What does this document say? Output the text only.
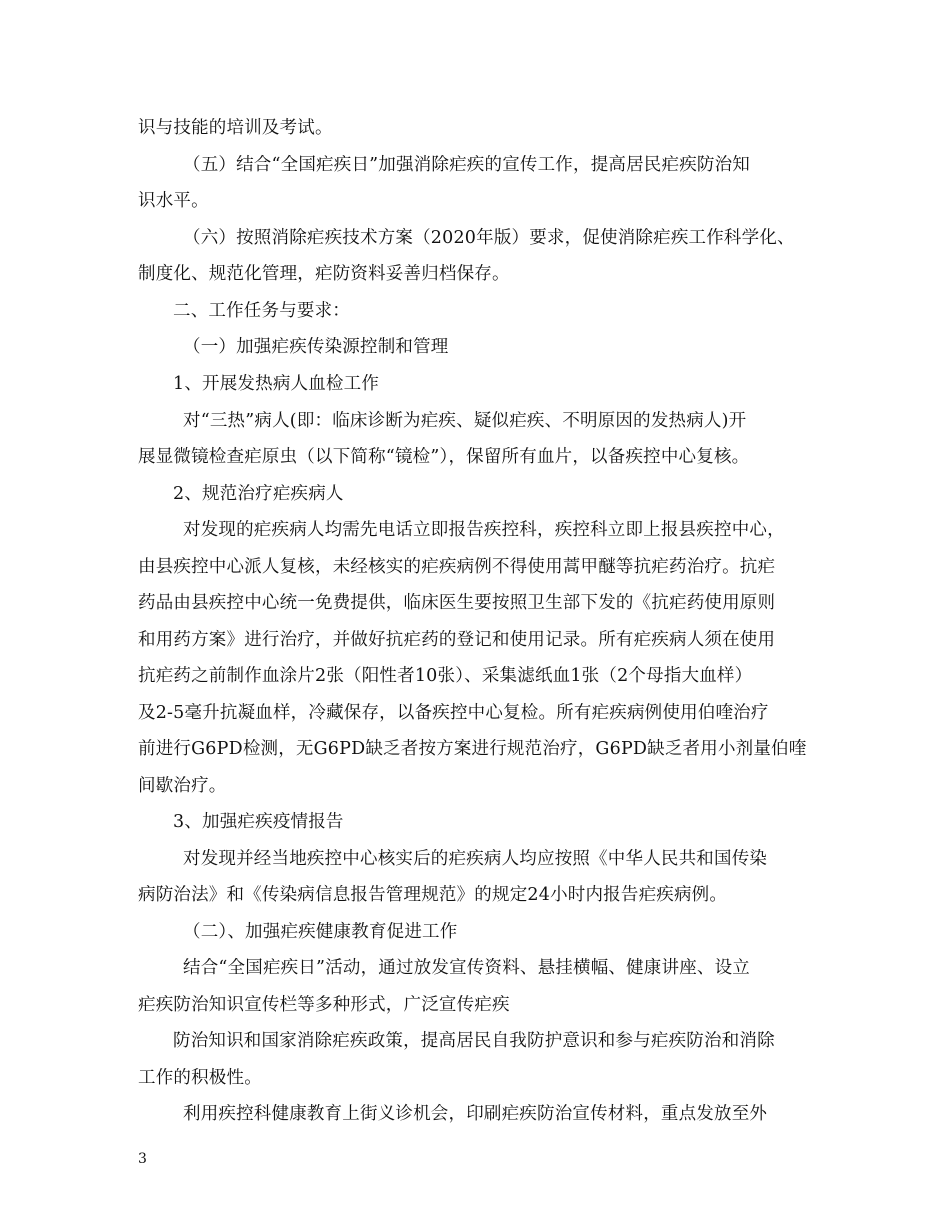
识与技能的培训及考试。
（五）结合“全国疟疾日”加强消除疟疾的宣传工作，提高居民疟疾防治知
识水平。
（六）按照消除疟疾技术方案（2020年版）要求，促使消除疟疾工作科学化、
制度化、规范化管理，疟防资料妥善归档保存。
二、工作任务与要求：
（一）加强疟疾传染源控制和管理
1、开展发热病人血检工作
对“三热”病人(即：临床诊断为疟疾、疑似疟疾、不明原因的发热病人)开
展显微镜检查疟原虫（以下简称“镜检”），保留所有血片，以备疾控中心复核。
2、规范治疗疟疾病人
对发现的疟疾病人均需先电话立即报告疾控科，疾控科立即上报县疾控中心，
由县疾控中心派人复核，未经核实的疟疾病例不得使用蒿甲醚等抗疟药治疗。抗疟
药品由县疾控中心统一免费提供，临床医生要按照卫生部下发的《抗疟药使用原则
和用药方案》进行治疗，并做好抗疟药的登记和使用记录。所有疟疾病人须在使用
抗疟药之前制作血涂片2张（阳性者10张）、采集滤纸血1张（2个母指大血样）
及2-5毫升抗凝血样，冷藏保存，以备疾控中心复检。所有疟疾病例使用伯喹治疗
前进行G6PD检测，无G6PD缺乏者按方案进行规范治疗，G6PD缺乏者用小剂量伯喹
间歇治疗。
3、加强疟疾疫情报告
对发现并经当地疾控中心核实后的疟疾病人均应按照《中华人民共和国传染
病防治法》和《传染病信息报告管理规范》的规定24小时内报告疟疾病例。
（二）、加强疟疾健康教育促进工作
结合“全国疟疾日”活动，通过放发宣传资料、悬挂横幅、健康讲座、设立
疟疾防治知识宣传栏等多种形式，广泛宣传疟疾
防治知识和国家消除疟疾政策，提高居民自我防护意识和参与疟疾防治和消除
工作的积极性。
利用疾控科健康教育上街义诊机会，印刷疟疾防治宣传材料，重点发放至外
3
